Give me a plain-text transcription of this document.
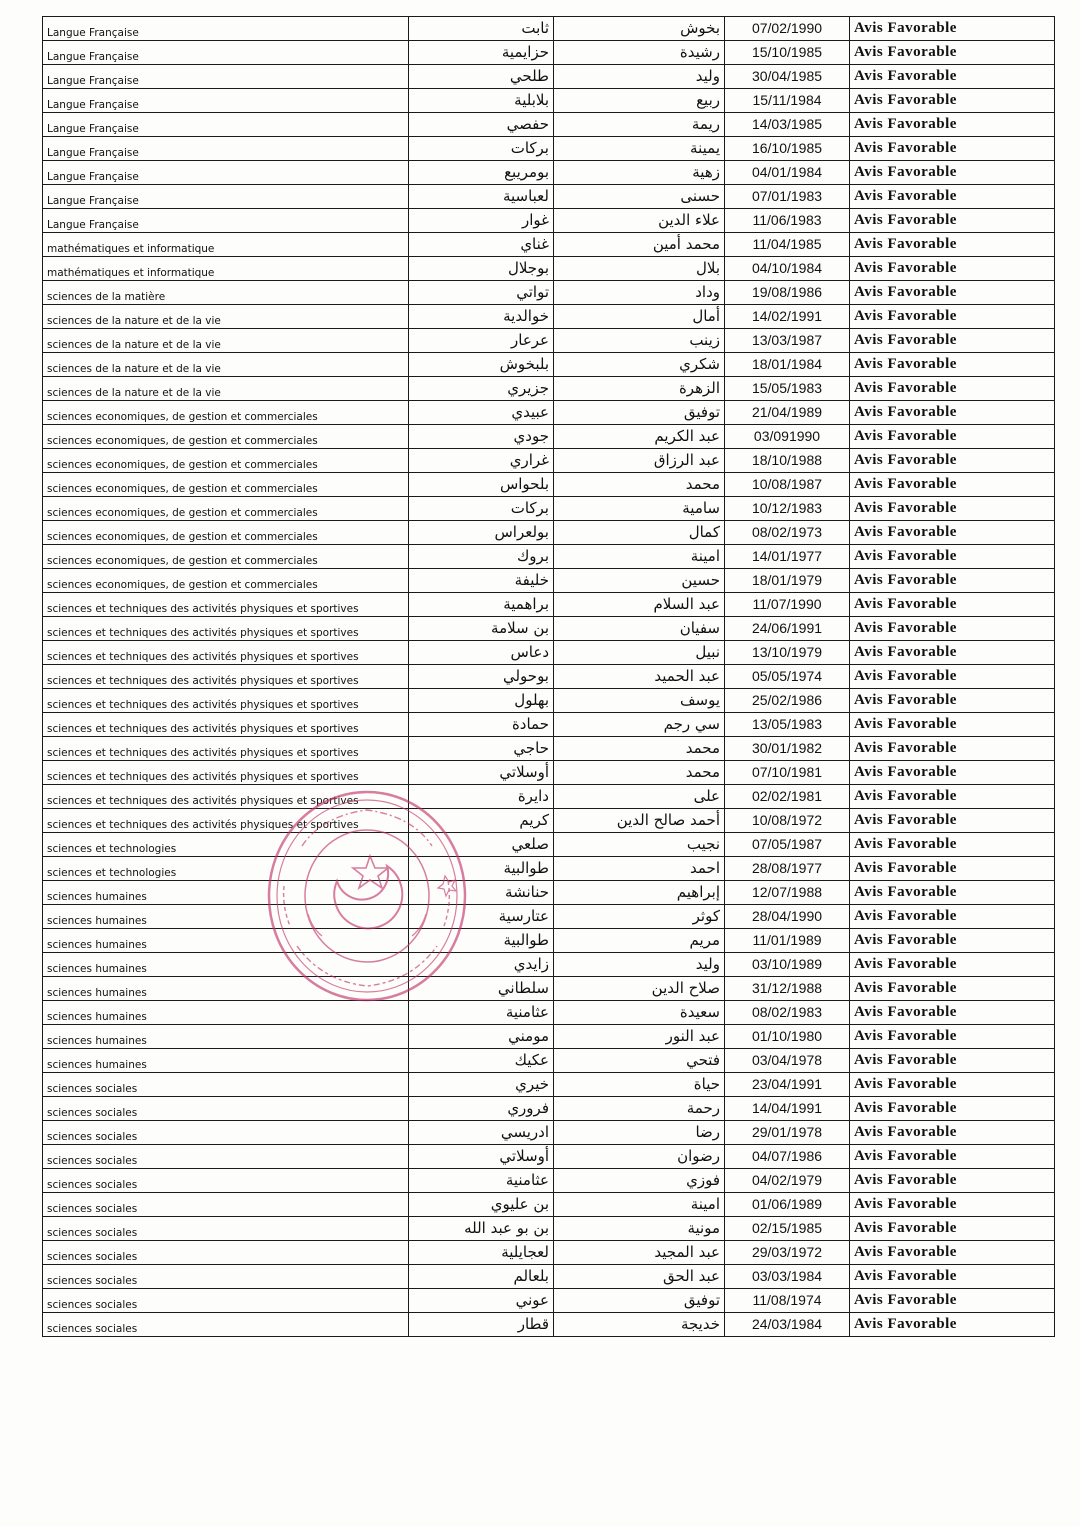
Langue Française	ثابت	بخوش	07/02/1990	Avis Favorable
Langue Française	حزايمية	رشيدة	15/10/1985	Avis Favorable
Langue Française	طلحي	وليد	30/04/1985	Avis Favorable
Langue Française	بلابلية	ربيع	15/11/1984	Avis Favorable
Langue Française	حفصي	ريمة	14/03/1985	Avis Favorable
Langue Française	بركات	يمينة	16/10/1985	Avis Favorable
Langue Française	بومريبع	زهية	04/01/1984	Avis Favorable
Langue Française	لعباسية	حسنى	07/01/1983	Avis Favorable
Langue Française	غوار	علاء الدين	11/06/1983	Avis Favorable
mathématiques et informatique	غناي	محمد أمين	11/04/1985	Avis Favorable
mathématiques et informatique	بوجلال	بلال	04/10/1984	Avis Favorable
sciences de la matière	تواتي	وداد	19/08/1986	Avis Favorable
sciences de la nature et de la vie	خوالدية	أمال	14/02/1991	Avis Favorable
sciences de la nature et de la vie	عرعار	زينب	13/03/1987	Avis Favorable
sciences de la nature et de la vie	بلبخوش	شكري	18/01/1984	Avis Favorable
sciences de la nature et de la vie	جزيري	الزهرة	15/05/1983	Avis Favorable
sciences economiques, de gestion et commerciales	عبيدي	توفيق	21/04/1989	Avis Favorable
sciences economiques, de gestion et commerciales	جودي	عبد الكريم	03/091990	Avis Favorable
sciences economiques, de gestion et commerciales	غراري	عبد الرزاق	18/10/1988	Avis Favorable
sciences economiques, de gestion et commerciales	بلحواس	محمد	10/08/1987	Avis Favorable
sciences economiques, de gestion et commerciales	بركات	سامية	10/12/1983	Avis Favorable
sciences economiques, de gestion et commerciales	بولعراس	كمال	08/02/1973	Avis Favorable
sciences economiques, de gestion et commerciales	بروك	امينة	14/01/1977	Avis Favorable
sciences economiques, de gestion et commerciales	خليفة	حسين	18/01/1979	Avis Favorable
sciences et techniques des activités physiques et sportives	براهمية	عبد السلام	11/07/1990	Avis Favorable
sciences et techniques des activités physiques et sportives	بن سلامة	سفيان	24/06/1991	Avis Favorable
sciences et techniques des activités physiques et sportives	دعاس	نبيل	13/10/1979	Avis Favorable
sciences et techniques des activités physiques et sportives	بوحولي	عبد الحميد	05/05/1974	Avis Favorable
sciences et techniques des activités physiques et sportives	بهلول	يوسف	25/02/1986	Avis Favorable
sciences et techniques des activités physiques et sportives	حمادة	سي رجم	13/05/1983	Avis Favorable
sciences et techniques des activités physiques et sportives	حاجي	محمد	30/01/1982	Avis Favorable
sciences et techniques des activités physiques et sportives	أوسلاتي	محمد	07/10/1981	Avis Favorable
sciences et techniques des activités physiques et sportives	دايرة	على	02/02/1981	Avis Favorable
sciences et techniques des activités physiques et sportives	كريم	أحمد صالح الدين	10/08/1972	Avis Favorable
sciences et technologies	صلعي	نجيب	07/05/1987	Avis Favorable
sciences et technologies	طوالبية	احمد	28/08/1977	Avis Favorable
sciences humaines	حنانشة	إبراهيم	12/07/1988	Avis Favorable
sciences humaines	عتارسية	كوثر	28/04/1990	Avis Favorable
sciences humaines	طوالبية	مريم	11/01/1989	Avis Favorable
sciences humaines	زايدي	وليد	03/10/1989	Avis Favorable
sciences humaines	سلطاني	صلاح الدين	31/12/1988	Avis Favorable
sciences humaines	عثامنية	سعيدة	08/02/1983	Avis Favorable
sciences humaines	مومني	عبد النور	01/10/1980	Avis Favorable
sciences humaines	عكيك	فتحي	03/04/1978	Avis Favorable
sciences sociales	خيري	حياة	23/04/1991	Avis Favorable
sciences sociales	فروري	رحمة	14/04/1991	Avis Favorable
sciences sociales	ادريسي	رضا	29/01/1978	Avis Favorable
sciences sociales	أوسلاتي	رضوان	04/07/1986	Avis Favorable
sciences sociales	عثامنية	فوزي	04/02/1979	Avis Favorable
sciences sociales	بن عليوي	امينة	01/06/1989	Avis Favorable
sciences sociales	بن بو عبد الله	مونية	02/15/1985	Avis Favorable
sciences sociales	لعجايلية	عبد المجيد	29/03/1972	Avis Favorable
sciences sociales	بلعالم	عبد الحق	03/03/1984	Avis Favorable
sciences sociales	عوني	توفيق	11/08/1974	Avis Favorable
sciences sociales	قطار	خديجة	24/03/1984	Avis Favorable
